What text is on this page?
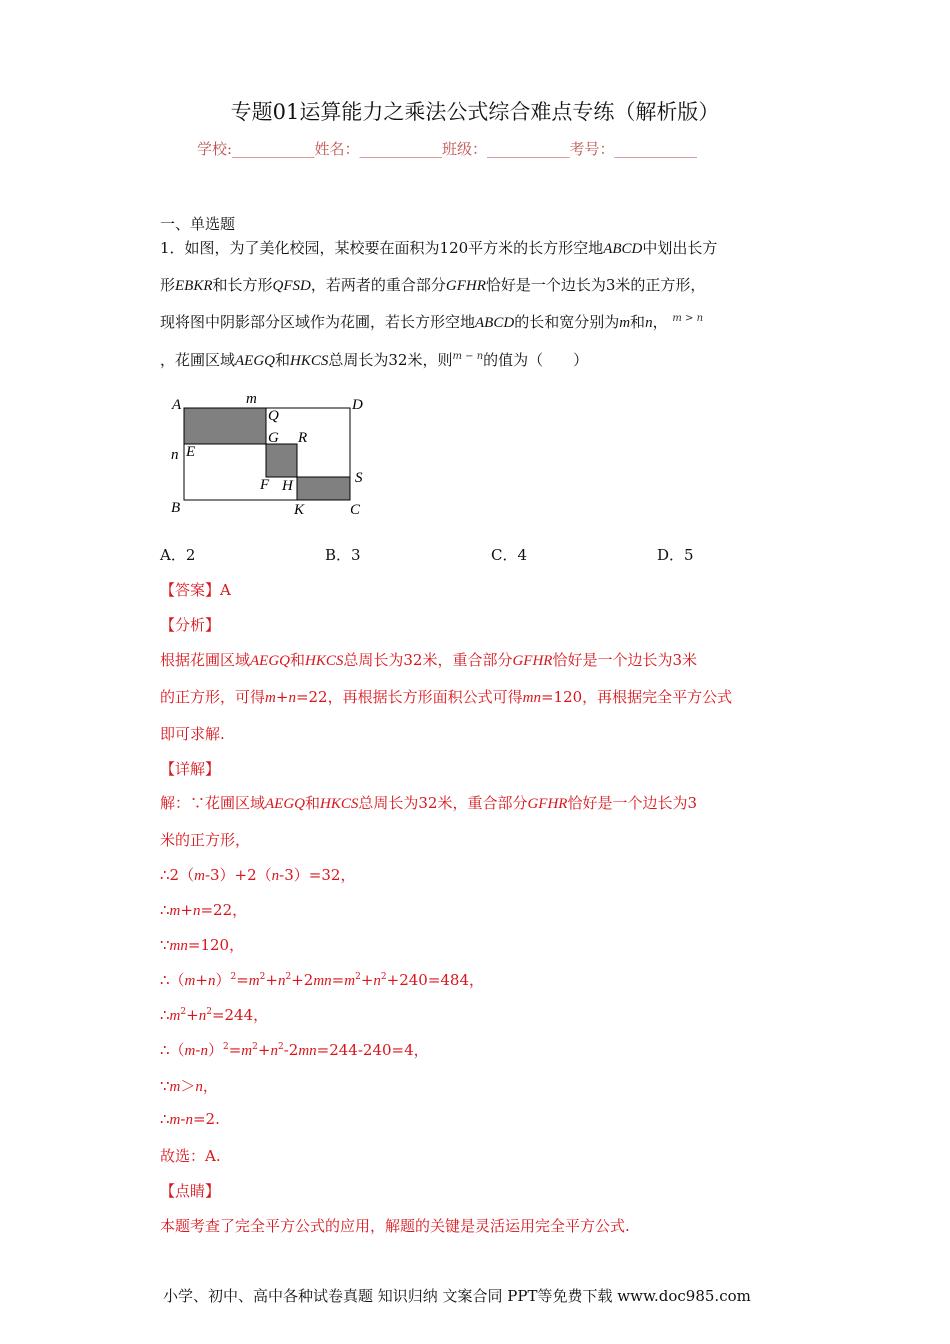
专题01运算能力之乘法公式综合难点专练（解析版）
学校:___________姓名：___________班级：___________考号：___________
一、单选题
1．如图，为了美化校园，某校要在面积为120平方米的长方形空地ABCD中划出长方
形EBKR和长方形QFSD，若两者的重合部分GFHR恰好是一个边长为3米的正方形，
现将图中阴影部分区域作为花圃，若长方形空地ABCD的长和宽分别为m和n， $^{m > n}$
，花圃区域AEGQ和HKCS总周长为32米，则$^{m - n}$的值为（　　）
A	m	D
Q
G R
n E
S
F H
B	K	C
A．2	B．3	C．4	D．5
【答案】A
【分析】
根据花圃区域AEGQ和HKCS总周长为32米，重合部分GFHR恰好是一个边长为3米
的正方形，可得m+n=22，再根据长方形面积公式可得mn=120，再根据完全平方公式
即可求解.
【详解】
解：∵花圃区域AEGQ和HKCS总周长为32米，重合部分GFHR恰好是一个边长为3
米的正方形，
∴2（m-3）+2（n-3）=32，
∴m+n=22，
∵mn=120，
$\therefore(m+n)^2=m^2+n^2+2mn=m^2+n^2+240=484$，
$\therefore m^2+n^2=244$，
$\therefore(m-n)^2=m^2+n^2-2mn=244-240=4$，
∵m＞n，
∴m-n=2.
故选：A.
【点睛】
本题考查了完全平方公式的应用，解题的关键是灵活运用完全平方公式.
小学、初中、高中各种试卷真题 知识归纳 文案合同 PPT等免费下载 www.doc985.com
